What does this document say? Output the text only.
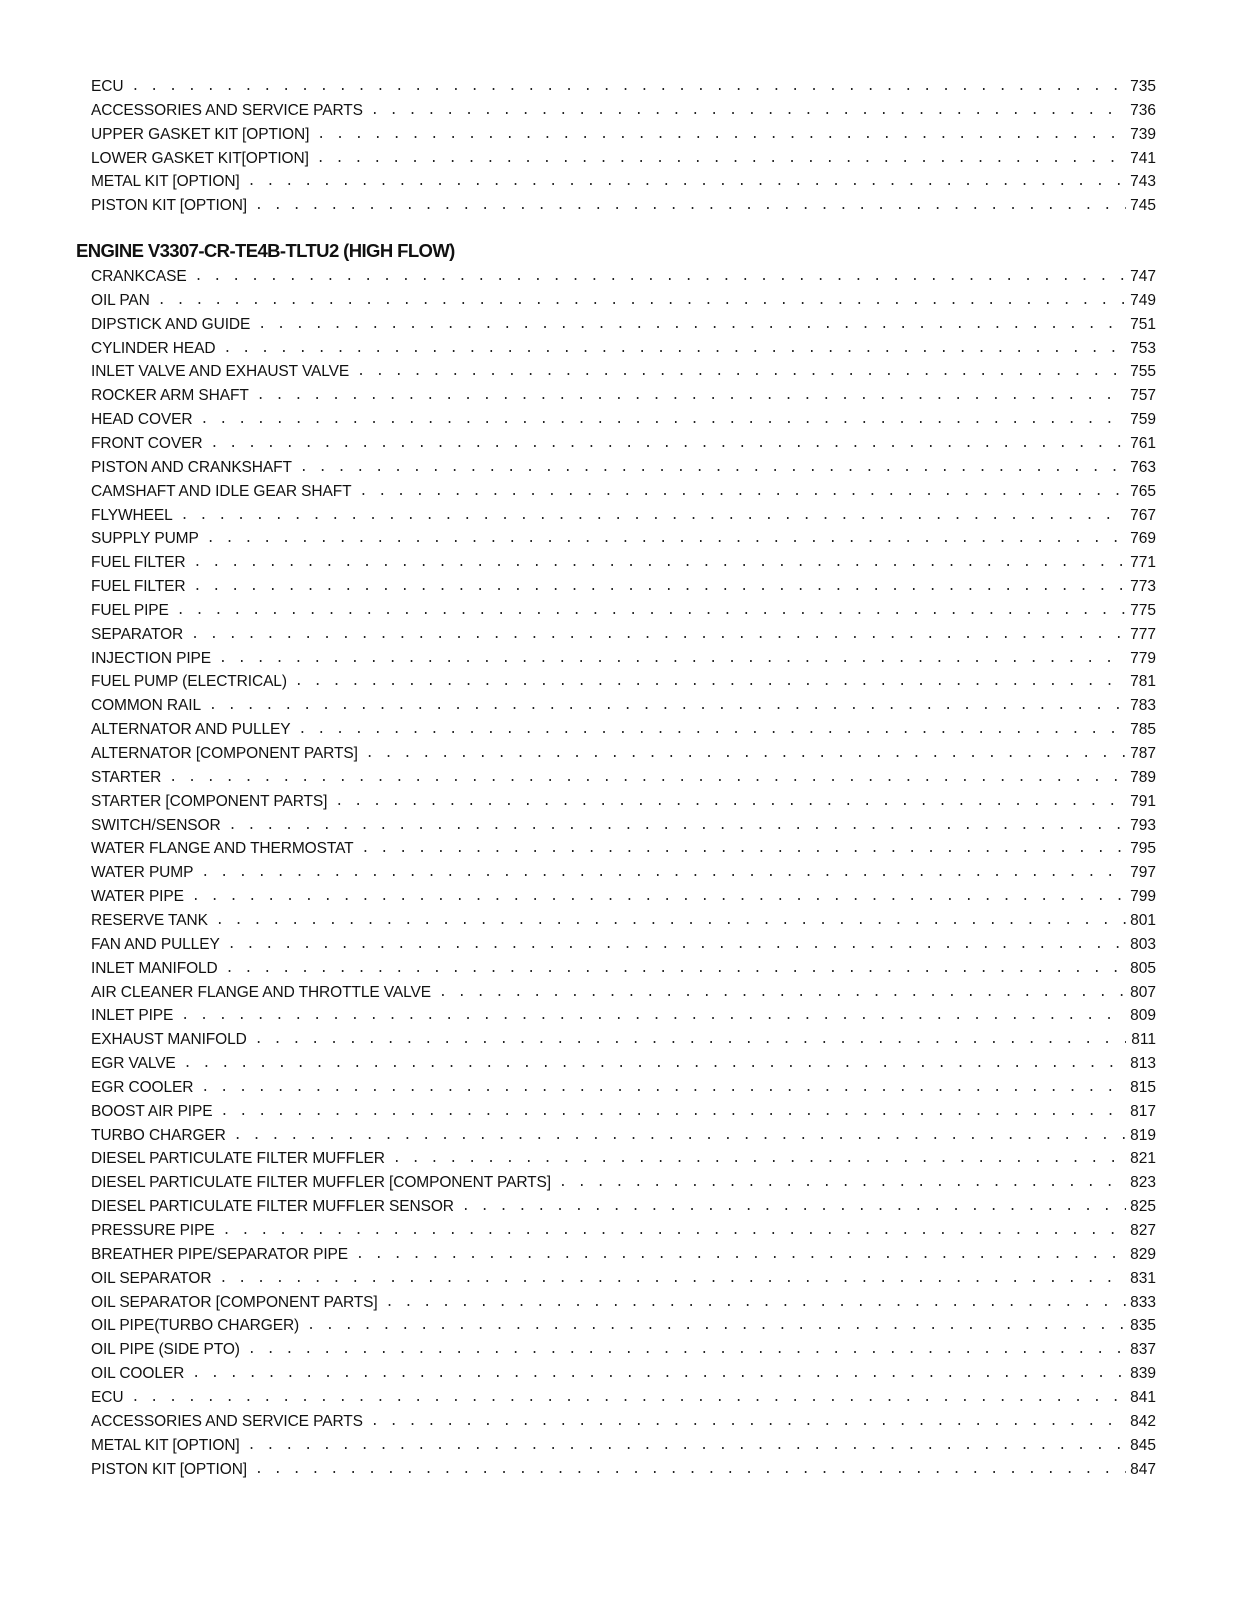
ECU . . .	735
ACCESSORIES AND SERVICE PARTS . . .	736
UPPER GASKET KIT [OPTION] . . .	739
LOWER GASKET KIT[OPTION] . . .	741
METAL KIT [OPTION] . . .	743
PISTON KIT [OPTION] . . .	745
ENGINE V3307-CR-TE4B-TLTU2 (HIGH FLOW)
CRANKCASE . . .	747
OIL PAN . . .	749
DIPSTICK AND GUIDE . . .	751
CYLINDER HEAD . . .	753
INLET VALVE AND EXHAUST VALVE . . .	755
ROCKER ARM SHAFT . . .	757
HEAD COVER . . .	759
FRONT COVER . . .	761
PISTON AND CRANKSHAFT . . .	763
CAMSHAFT AND IDLE GEAR SHAFT . . .	765
FLYWHEEL . . .	767
SUPPLY PUMP . . .	769
FUEL FILTER . . .	771
FUEL FILTER . . .	773
FUEL PIPE . . .	775
SEPARATOR . . .	777
INJECTION PIPE . . .	779
FUEL PUMP (ELECTRICAL) . . .	781
COMMON RAIL . . .	783
ALTERNATOR AND PULLEY . . .	785
ALTERNATOR [COMPONENT PARTS] . . .	787
STARTER . . .	789
STARTER [COMPONENT PARTS] . . .	791
SWITCH/SENSOR . . .	793
WATER FLANGE AND THERMOSTAT . . .	795
WATER PUMP . . .	797
WATER PIPE . . .	799
RESERVE TANK . . .	801
FAN AND PULLEY . . .	803
INLET MANIFOLD . . .	805
AIR CLEANER FLANGE AND THROTTLE VALVE . . .	807
INLET PIPE . . .	809
EXHAUST MANIFOLD . . .	811
EGR VALVE . . .	813
EGR COOLER . . .	815
BOOST AIR PIPE . . .	817
TURBO CHARGER . . .	819
DIESEL PARTICULATE FILTER MUFFLER . . .	821
DIESEL PARTICULATE FILTER MUFFLER [COMPONENT PARTS] . . .	823
DIESEL PARTICULATE FILTER MUFFLER SENSOR . . .	825
PRESSURE PIPE . . .	827
BREATHER PIPE/SEPARATOR PIPE . . .	829
OIL SEPARATOR . . .	831
OIL SEPARATOR [COMPONENT PARTS] . . .	833
OIL PIPE(TURBO CHARGER) . . .	835
OIL PIPE (SIDE PTO) . . .	837
OIL COOLER . . .	839
ECU . . .	841
ACCESSORIES AND SERVICE PARTS . . .	842
METAL KIT [OPTION] . . .	845
PISTON KIT [OPTION] . . .	847
